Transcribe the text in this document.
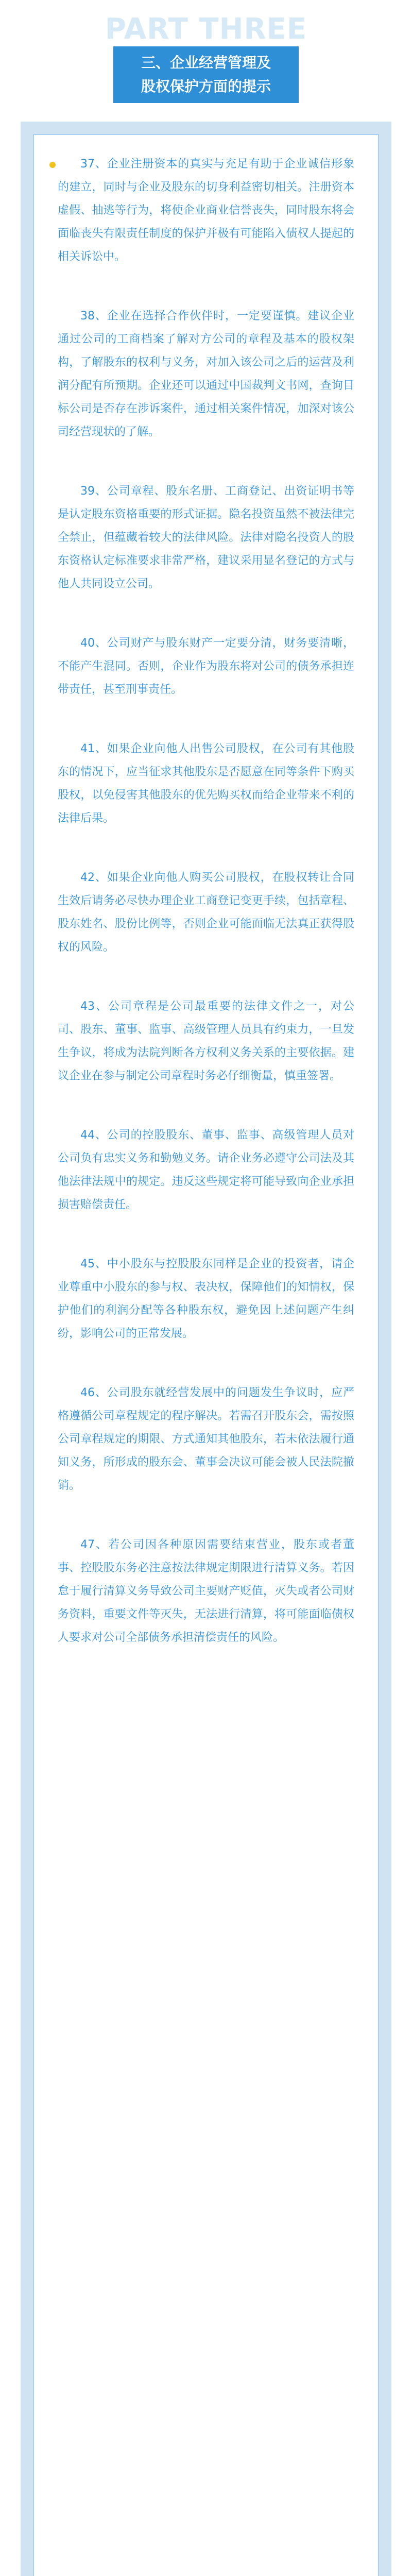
PART THREE
三、企业经营管理及
股权保护方面的提示

37、企业注册资本的真实与充足有助于企业诚信形象的建立，同时与企业及股东的切身利益密切相关。注册资本虚假、抽逃等行为，将使企业商业信誉丧失，同时股东将会面临丧失有限责任制度的保护并极有可能陷入债权人提起的相关诉讼中。

38、企业在选择合作伙伴时，一定要谨慎。建议企业通过公司的工商档案了解对方公司的章程及基本的股权架构，了解股东的权利与义务，对加入该公司之后的运营及利润分配有所预期。企业还可以通过中国裁判文书网，查询目标公司是否存在涉诉案件，通过相关案件情况，加深对该公司经营现状的了解。

39、公司章程、股东名册、工商登记、出资证明书等是认定股东资格重要的形式证据。隐名投资虽然不被法律完全禁止，但蕴藏着较大的法律风险。法律对隐名投资人的股东资格认定标准要求非常严格，建议采用显名登记的方式与他人共同设立公司。

40、公司财产与股东财产一定要分清，财务要清晰，不能产生混同。否则，企业作为股东将对公司的债务承担连带责任，甚至刑事责任。

41、如果企业向他人出售公司股权，在公司有其他股东的情况下，应当征求其他股东是否愿意在同等条件下购买股权，以免侵害其他股东的优先购买权而给企业带来不利的法律后果。

42、如果企业向他人购买公司股权，在股权转让合同生效后请务必尽快办理企业工商登记变更手续，包括章程、股东姓名、股份比例等，否则企业可能面临无法真正获得股权的风险。

43、公司章程是公司最重要的法律文件之一，对公司、股东、董事、监事、高级管理人员具有约束力，一旦发生争议，将成为法院判断各方权利义务关系的主要依据。建议企业在参与制定公司章程时务必仔细衡量，慎重签署。

44、公司的控股股东、董事、监事、高级管理人员对公司负有忠实义务和勤勉义务。请企业务必遵守公司法及其他法律法规中的规定。违反这些规定将可能导致向企业承担损害赔偿责任。

45、中小股东与控股股东同样是企业的投资者，请企业尊重中小股东的参与权、表决权，保障他们的知情权，保护他们的利润分配等各种股东权，避免因上述问题产生纠纷，影响公司的正常发展。

46、公司股东就经营发展中的问题发生争议时，应严格遵循公司章程规定的程序解决。若需召开股东会，需按照公司章程规定的期限、方式通知其他股东，若未依法履行通知义务，所形成的股东会、董事会决议可能会被人民法院撤销。

47、若公司因各种原因需要结束营业，股东或者董事、控股股东务必注意按法律规定期限进行清算义务。若因怠于履行清算义务导致公司主要财产贬值，灭失或者公司财务资料，重要文件等灭失，无法进行清算，将可能面临债权人要求对公司全部债务承担清偿责任的风险。
